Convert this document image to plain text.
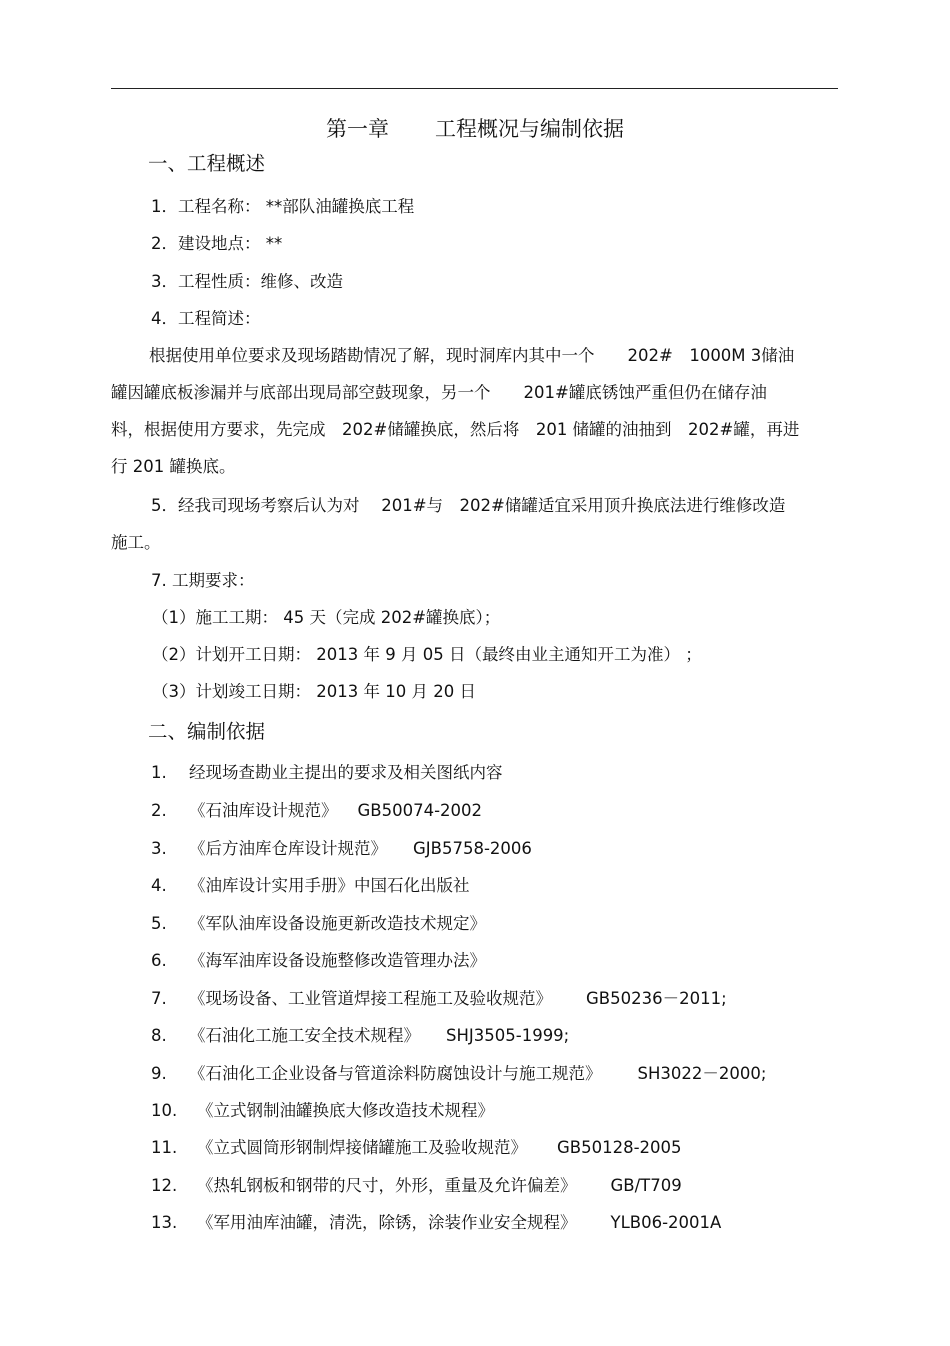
第一章 工程概况与编制依据
一、工程概述
1．工程名称： **部队油罐换底工程
2．建设地点： **
3．工程性质：维修、改造
4．工程简述：
根据使用单位要求及现场踏勘情况了解，现时洞库内其中一个　　202#　1000M 3储油
罐因罐底板渗漏并与底部出现局部空鼓现象，另一个　　201#罐底锈蚀严重但仍在储存油
料，根据使用方要求，先完成　202#储罐换底，然后将　201 储罐的油抽到　202#罐，再进
行 201 罐换底。
5．经我司现场考察后认为对　 201#与　202#储罐适宜采用顶升换底法进行维修改造
施工。
7. 工期要求：
（1）施工工期： 45 天（完成 202#罐换底）；
（2）计划开工日期： 2013 年 9 月 05 日（最终由业主通知开工为准） ；
（3）计划竣工日期： 2013 年 10 月 20 日
二、编制依据
1. 经现场查勘业主提出的要求及相关图纸内容
2. 《石油库设计规范》 GB50074-2002
3. 《后方油库仓库设计规范》 GJB5758-2006
4. 《油库设计实用手册》中国石化出版社
5. 《军队油库设备设施更新改造技术规定》
6. 《海军油库设备设施整修改造管理办法》
7. 《现场设备、工业管道焊接工程施工及验收规范》 GB50236－2011;
8. 《石油化工施工安全技术规程》 SHJ3505-1999;
9. 《石油化工企业设备与管道涂料防腐蚀设计与施工规范》 SH3022－2000;
10. 《立式钢制油罐换底大修改造技术规程》
11. 《立式圆筒形钢制焊接储罐施工及验收规范》 GB50128-2005
12. 《热轧钢板和钢带的尺寸，外形，重量及允许偏差》 GB/T709
13. 《军用油库油罐，清洗，除锈，涂装作业安全规程》 YLB06-2001A
